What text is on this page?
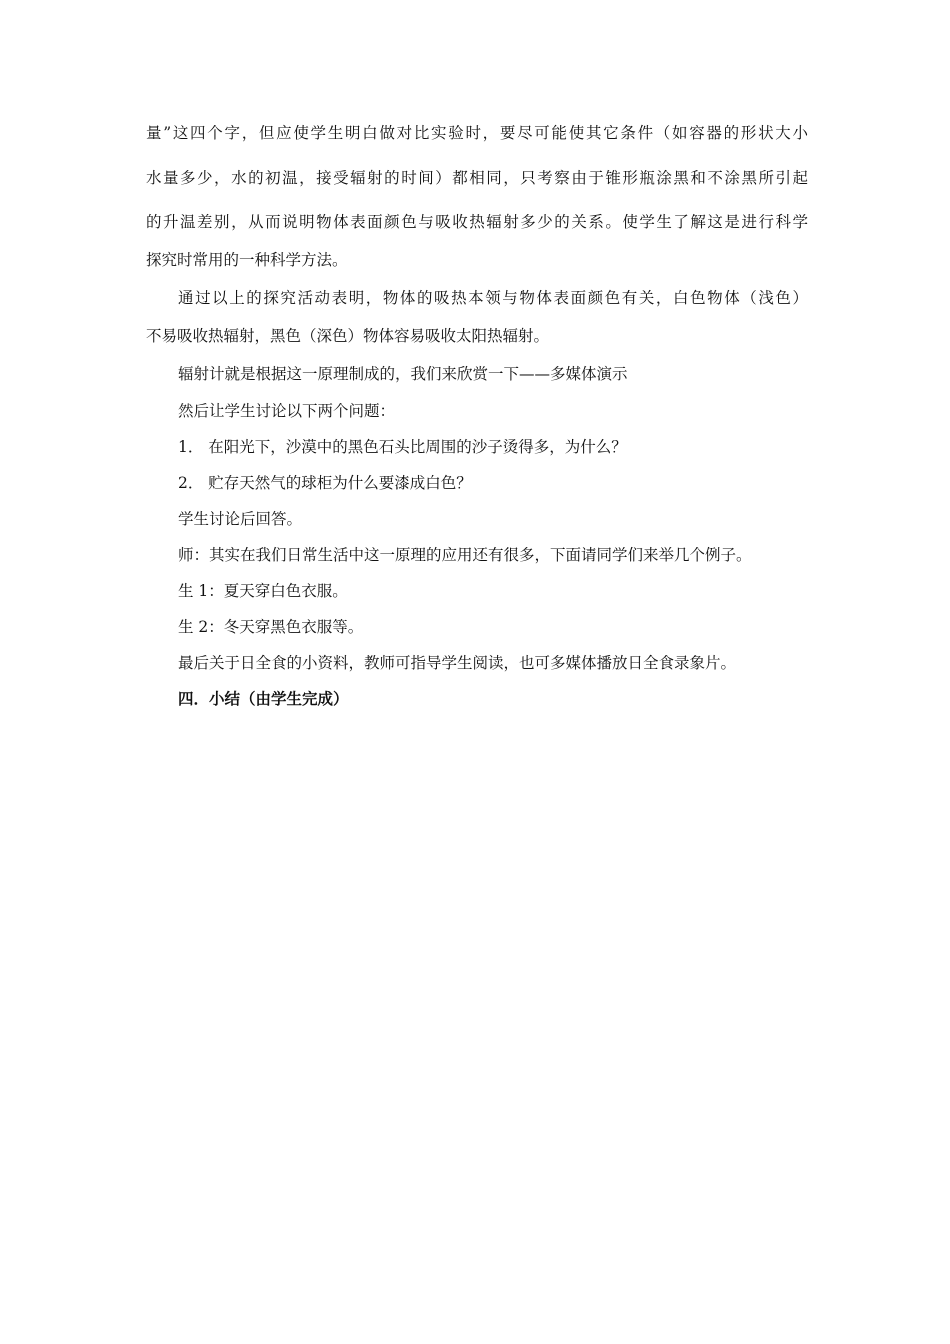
量”这四个字，但应使学生明白做对比实验时，要尽可能使其它条件（如容器的形状大小
水量多少，水的初温，接受辐射的时间）都相同，只考察由于锥形瓶涂黑和不涂黑所引起
的升温差别，从而说明物体表面颜色与吸收热辐射多少的关系。使学生了解这是进行科学
探究时常用的一种科学方法。
通过以上的探究活动表明，物体的吸热本领与物体表面颜色有关，白色物体（浅色）
不易吸收热辐射，黑色（深色）物体容易吸收太阳热辐射。
辐射计就是根据这一原理制成的，我们来欣赏一下——多媒体演示
然后让学生讨论以下两个问题：
1． 在阳光下，沙漠中的黑色石头比周围的沙子烫得多，为什么？
2． 贮存天然气的球柜为什么要漆成白色？
学生讨论后回答。
师：其实在我们日常生活中这一原理的应用还有很多，下面请同学们来举几个例子。
生 1：夏天穿白色衣服。
生 2：冬天穿黑色衣服等。
最后关于日全食的小资料，教师可指导学生阅读，也可多媒体播放日全食录象片。
四．小结（由学生完成）
